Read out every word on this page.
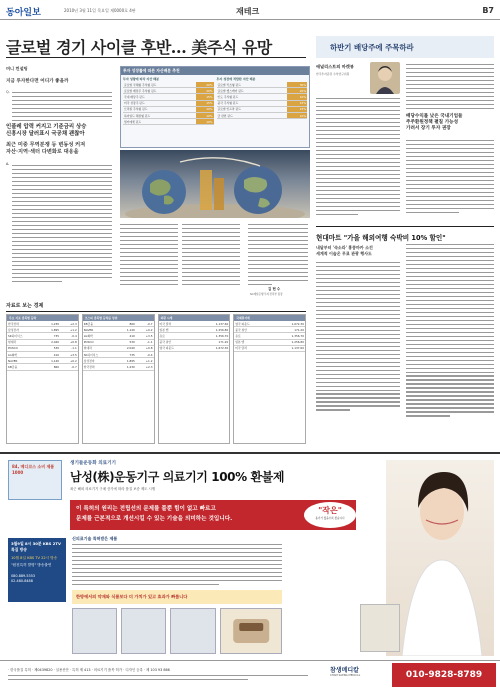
동아일보	2010년 3월 11일 목요일 제0000호 4판	재테크	B7
글로벌 경기 사이클 후반… 美주식 유망
머니 컨설팅
지금 투자한다면 어디가 좋을까
Q.
인플레 압력 커지고 기준금리 상승
신흥시장 달러표시 국공채 괜찮아
최근 미중 무역분쟁 등 변동성 커져
자산·지역·섹터 다변화로 대응을
A.
투자 성장률에 따른 자산배분 추천
투자 성향에 따라 자산 배분
글로벌 국채형 주식형 펀드	20%
글로벌 배당주 주식형 펀드	20%
국내 배당주 펀드	15%
미국 성장주 펀드	15%
브라질 주식형 펀드	10%
하이일드 채권형 펀드	10%
멀티에셋 펀드	10%
투자 성장에 적합한 자산 배분
글로벌 리츠형 펀드	30%
글로벌 헬스케어 펀드	20%
인도 주식형 펀드	10%
중국 주식형 펀드	15%
글로벌 인프라 펀드	15%
금 관련 펀드	10%
김 현 수
SC제일은행 투자전략부 팀장
하반기 배당주에 주목하라
애널리스트의 마켓뷰
한국투자증권 수석연구위원
배당수익률 낮은 국내기업들
주주환원정책 펼칠 가능성
가려서 장기 투자 권장
현대마트 "가을 해외여행 숙박비 10% 할인"
내달부터 '숙소라' 홍콩마카 소건
세계적 이슬온 무료 관광 행사도
자료로 보는 경제
주요 지표 종목별 등락
한국전력	1,230	+2.3
삼성전자	1,895	+1.2
SK하이닉스	735	-0.4
현대차	2,040	+0.8
POSCO	530	-1.1
LG화학	410	+3.5
NAVER	1,140	+0.2
KB금융	860	-0.7
코스피 종목별 등락률 상위
KB금융	860	-0.7
NAVER	1,140	+0.2
LG화학	410	+3.5
POSCO	530	-1.1
현대차	2,040	+0.8
SK하이닉스	735	-0.4
삼성전자	1,895	+1.2
한국전력	1,230	+2.3
외환 시세
미국 달러	1,137.60
일본 엔	1,256.80
유로	1,356.70
중국 위안	171.20
영국 파운드	1,672.30
국제원자재
영국 파운드	1,672.30
중국 위안	171.20
유로	1,356.70
일본 엔	1,256.80
미국 달러	1,137.60
84, 메디코스 소비 제품 1000
생기들운동화 의료기기
남성(株)운동기구 의료기기 100% 환불제
최근 해외 의료기기 구매 증가에 따라 품질 보증 제도 시행
이 특허의 원리는 전립선의 문제를 풀뿐 힘이 없고 빠르고
문제를 근본적으로 개선시킬 수 있는 기술을 의미하는 것입니다.
"작은"
돌기가 많을수록 좋습니다
3월9일 8시 30분 KBS 2TV 특집 방송
10월 8일 KBS TV 22시 방송
"원천특허 발명" 방송출연
080-889-5353
02-480-8488
신의료기술 특허받은 제품
한방에서의 약재와 식품보다 더 가치가 있고 효과가 빠릅니다
· 한국품질 특허 · 제0439820 · 실용신안 · 특허 제 413 · 의료기기 품목 허가 · 디자인 등록 · 제 103 93 866	참생메디칼
CHAM SAENG MEDICAL	010-9828-8789
